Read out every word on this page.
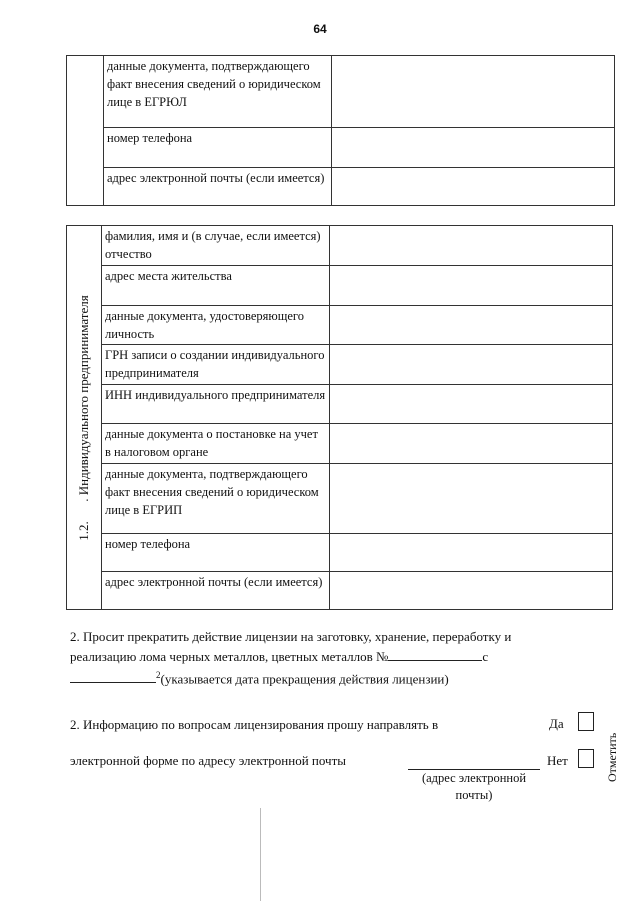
64
	данные документа, подтверждающего факт внесения сведений о юридическом лице в ЕГРЮЛ	
	номер телефона	
	адрес электронной почты (если имеется)	
1.2.      . Индивидуального предпринимателя	фамилия, имя и (в случае, если имеется) отчество	
	адрес места жительства	
	данные документа, удостоверяющего личность	
	ГРН записи о создании индивидуального предпринимателя	
	ИНН индивидуального предпринимателя	
	данные документа о постановке на учет в налоговом органе	
	данные документа, подтверждающего факт внесения сведений о юридическом лице в ЕГРИП	
	номер телефона	
	адрес электронной почты (если имеется)	
2. Просит прекратить действие лицензии на заготовку, хранение, переработку и
реализацию лома черных металлов, цветных металлов №	с
$^2$(указывается дата прекращения действия лицензии)
2. Информацию по вопросам лицензирования прошу направлять в
электронной форме по адресу электронной почты
Да
Нет	Отметить
(адрес электронной почты)
